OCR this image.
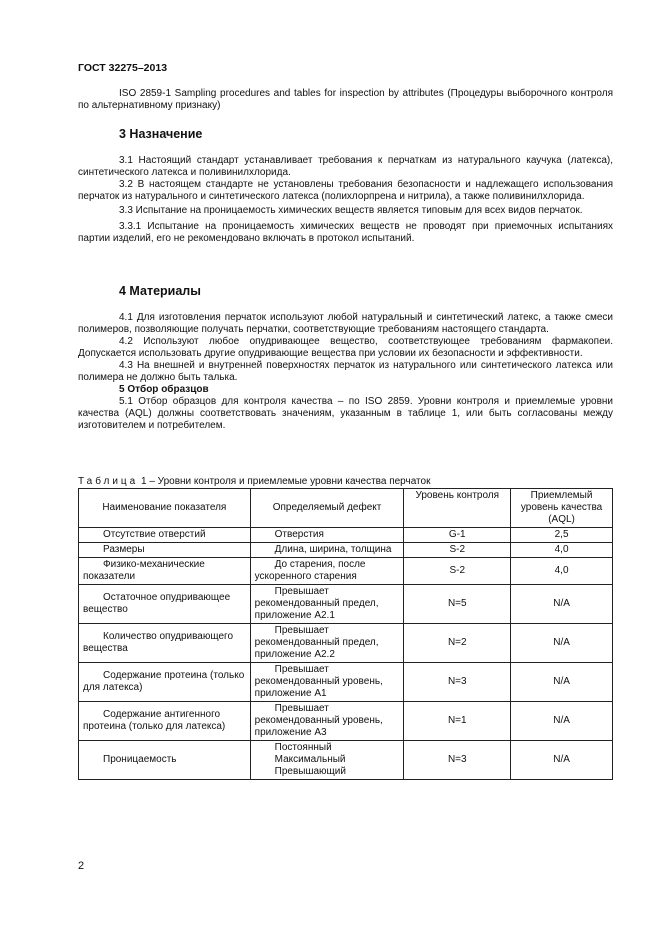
ГОСТ 32275–2013

ISO 2859-1 Sampling procedures and tables for inspection by attributes (Процедуры выборочного контроля по альтернативному признаку)

3 Назначение

3.1 Настоящий стандарт устанавливает требования к перчаткам из натурального каучука (латекса), синтетического латекса и поливинилхлорида.

3.2 В настоящем стандарте не установлены требования безопасности и надлежащего использования перчаток из натурального и синтетического латекса (полихлорпрена и нитрила), а также поливинилхлорида.

3.3 Испытание на проницаемость химических веществ является типовым для всех видов перчаток.

3.3.1 Испытание на проницаемость химических веществ не проводят при приемочных испытаниях партии изделий, его не рекомендовано включать в протокол испытаний.

4 Материалы

4.1 Для изготовления перчаток используют любой натуральный и синтетический латекс, а также смеси полимеров, позволяющие получать перчатки, соответствующие требованиям настоящего стандарта.

4.2 Используют любое опудривающее вещество, соответствующее требованиям фармакопеи. Допускается использовать другие опудривающие вещества при условии их безопасности и эффективности.

4.3 На внешней и внутренней поверхностях перчаток из натурального или синтетического латекса или полимера не должно быть талька.

5 Отбор образцов

5.1 Отбор образцов для контроля качества – по ISO 2859. Уровни контроля и приемлемые уровни качества (AQL) должны соответствовать значениям, указанным в таблице 1, или быть согласованы между изготовителем и потребителем.

Таблица 1 – Уровни контроля и приемлемые уровни качества перчаток
Наименование показателя	Определяемый дефект	Уровень контроля	Приемлемый уровень качества (AQL)
Отсутствие отверстий	Отверстия	G-1	2,5
Размеры	Длина, ширина, толщина	S-2	4,0
Физико-механические показатели	До старения, после ускоренного старения	S-2	4,0
Остаточное опудривающее вещество	Превышает рекомендованный предел, приложение А2.1	N=5	N/A
Количество опудривающего вещества	Превышает рекомендованный предел, приложение А2.2	N=2	N/A
Содержание протеина (только для латекса)	Превышает рекомендованный уровень, приложение А1	N=3	N/A
Содержание антигенного протеина (только для латекса)	Превышает рекомендованный уровень, приложение А3	N=1	N/A
Проницаемость	Постоянный
Максимальный
Превышающий	N=3	N/A
2
